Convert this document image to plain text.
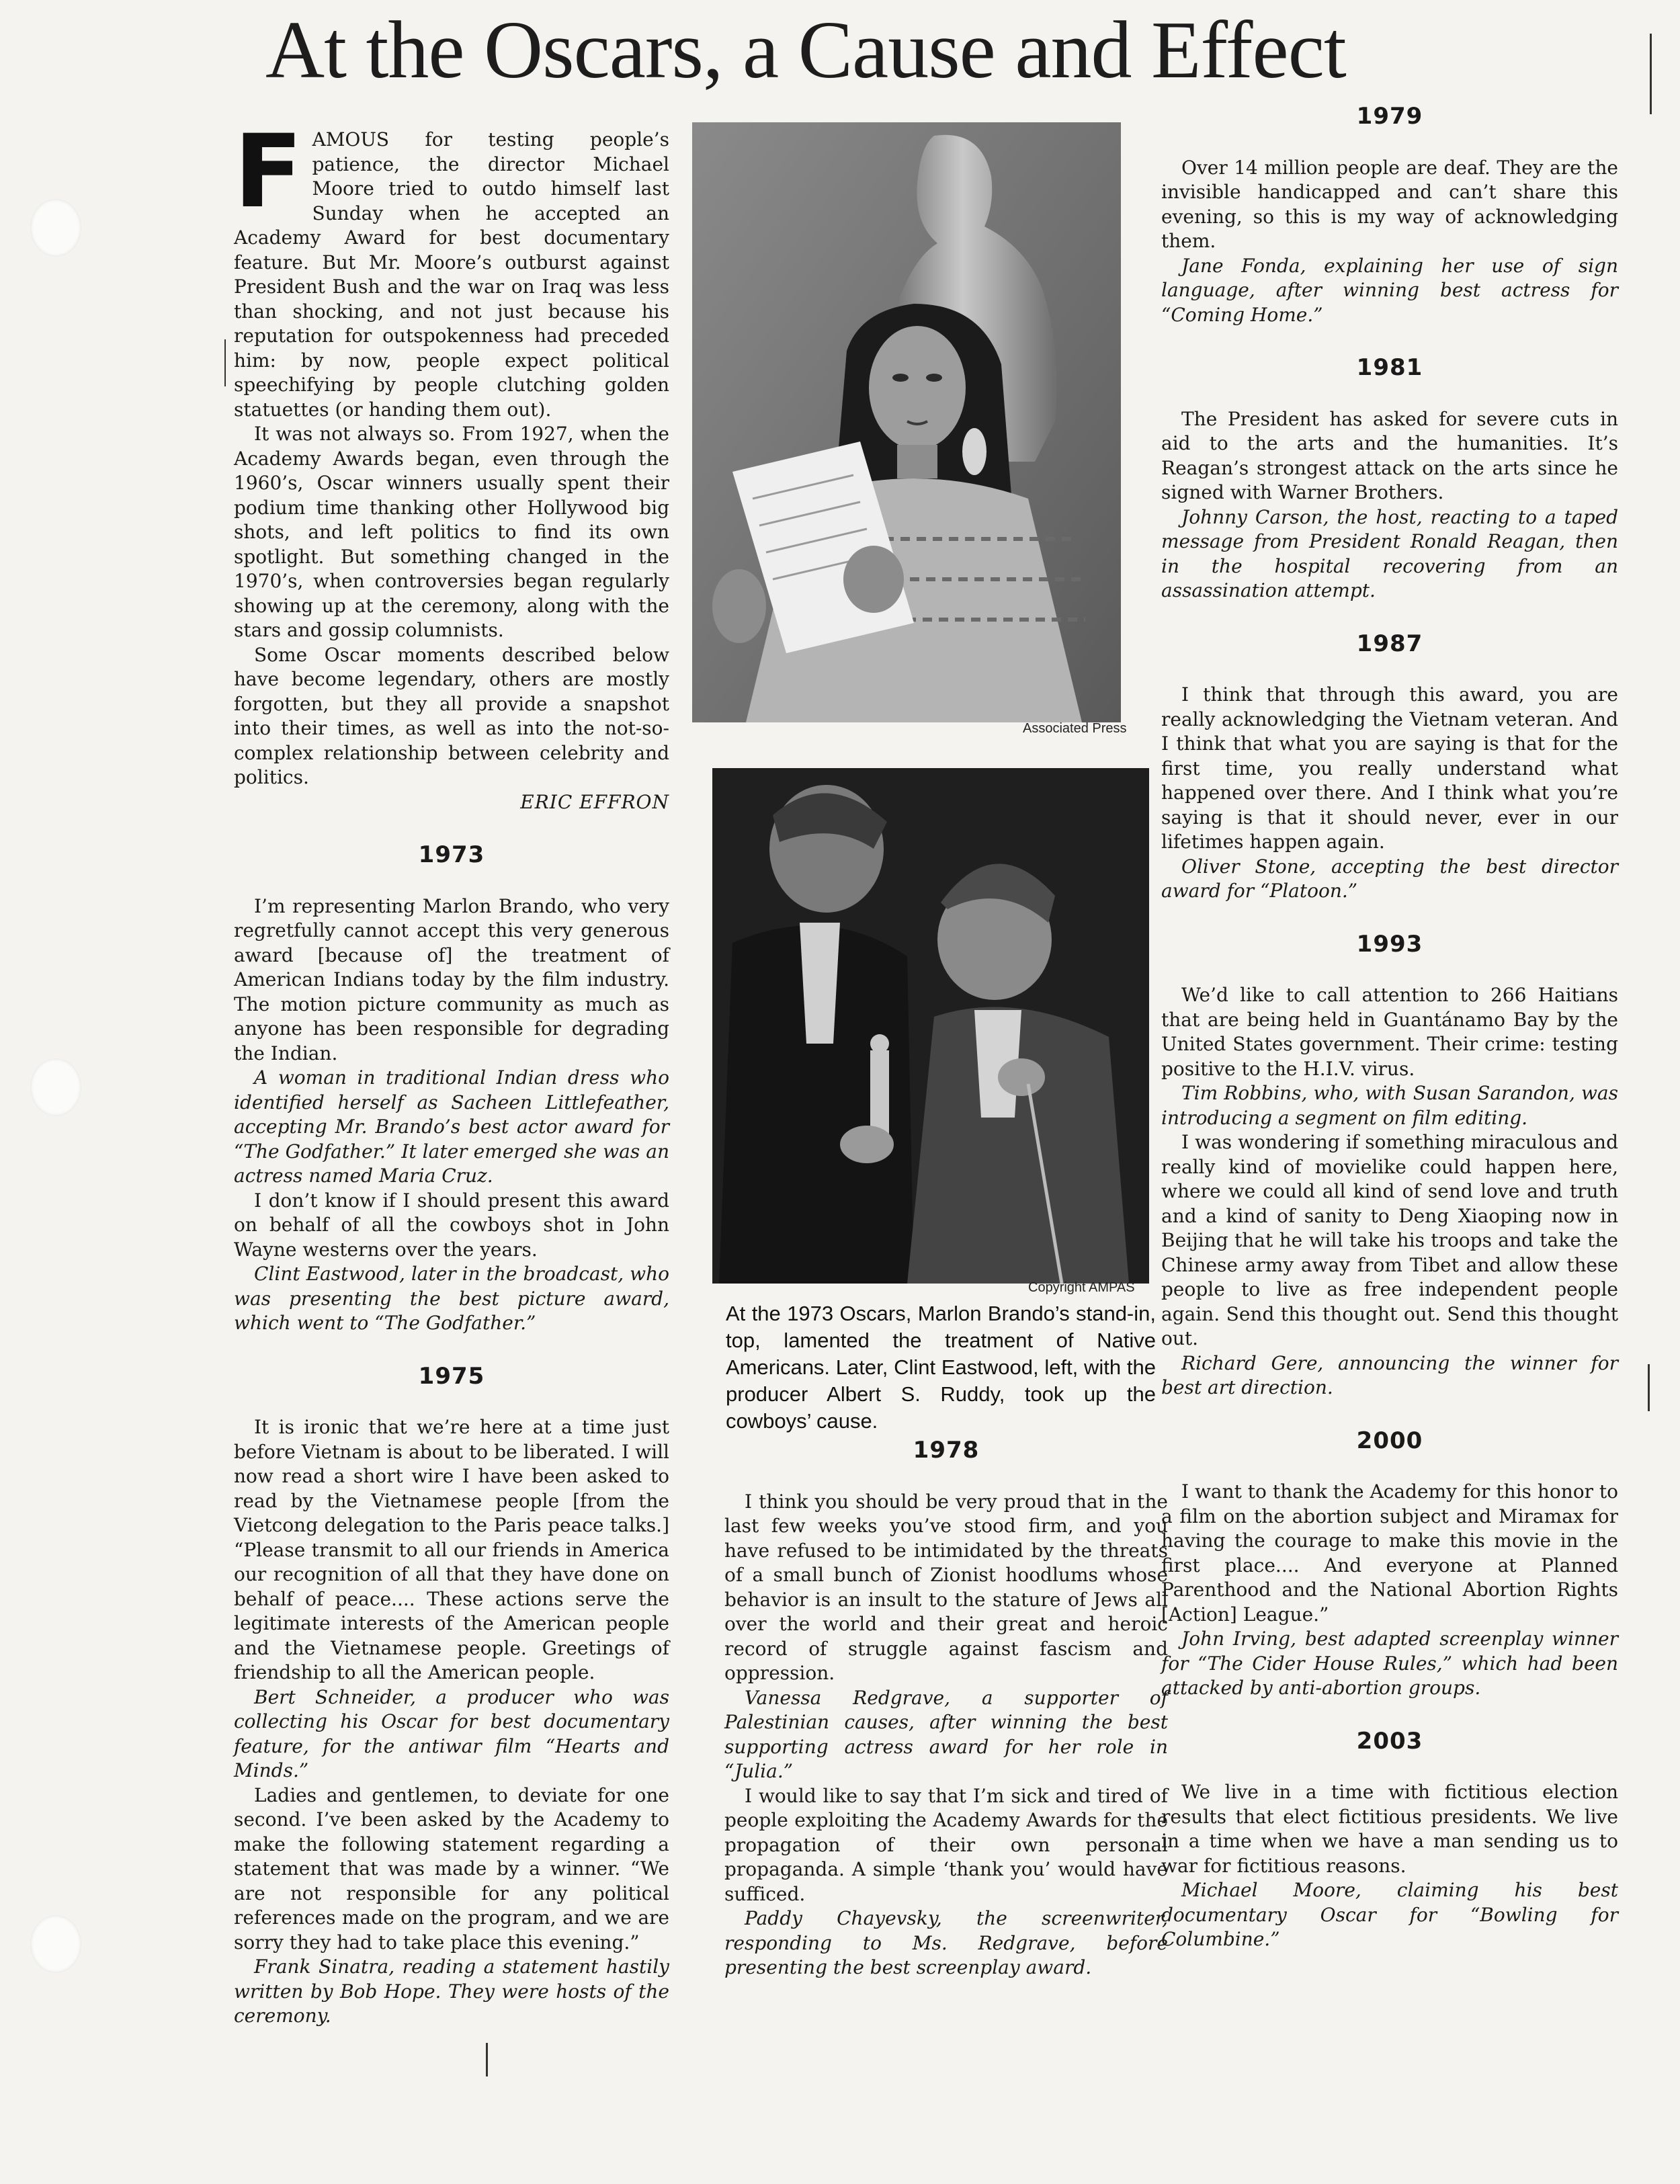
At the Oscars, a Cause and Effect
F AMOUS for testing people’s patience, the director Michael Moore tried to outdo himself last Sunday when he accepted an Academy Award for best documentary feature. But Mr. Moore’s outburst against President Bush and the war on Iraq was less than shocking, and not just because his reputation for outspokenness had preceded him: by now, people expect political speechifying by people clutching golden statuettes (or handing them out).

It was not always so. From 1927, when the Academy Awards began, even through the 1960’s, Oscar winners usually spent their podium time thanking other Hollywood big shots, and left politics to find its own spotlight. But something changed in the 1970’s, when controversies began regularly showing up at the ceremony, along with the stars and gossip columnists.

Some Oscar moments described below have become legendary, others are mostly forgotten, but they all provide a snapshot into their times, as well as into the not-so-complex relationship between celebrity and politics.

ERIC EFFRON

1973

I’m representing Marlon Brando, who very regretfully cannot accept this very generous award [because of] the treatment of American Indians today by the film industry. The motion picture community as much as anyone has been responsible for degrading the Indian.

A woman in traditional Indian dress who identified herself as Sacheen Littlefeather, accepting Mr. Brando’s best actor award for “The Godfather.” It later emerged she was an actress named Maria Cruz.

I don’t know if I should present this award on behalf of all the cowboys shot in John Wayne westerns over the years.

Clint Eastwood, later in the broadcast, who was presenting the best picture award, which went to “The Godfather.”

1975

It is ironic that we’re here at a time just before Vietnam is about to be liberated. I will now read a short wire I have been asked to read by the Vietnamese people [from the Vietcong delegation to the Paris peace talks.] “Please transmit to all our friends in America our recognition of all that they have done on behalf of peace.... These actions serve the legitimate interests of the American people and the Vietnamese people. Greetings of friendship to all the American people.

Bert Schneider, a producer who was collecting his Oscar for best documentary feature, for the antiwar film “Hearts and Minds.”

Ladies and gentlemen, to deviate for one second. I’ve been asked by the Academy to make the following statement regarding a statement that was made by a winner. “We are not responsible for any political references made on the program, and we are sorry they had to take place this evening.”

Frank Sinatra, reading a statement hastily written by Bob Hope. They were hosts of the ceremony.

Associated Press
Copyright AMPAS
At the 1973 Oscars, Marlon Brando’s stand-in, top, lamented the treatment of Native Americans. Later, Clint Eastwood, left, with the producer Albert S. Ruddy, took up the cowboys’ cause.
1978

I think you should be very proud that in the last few weeks you’ve stood firm, and you have refused to be intimidated by the threats of a small bunch of Zionist hoodlums whose behavior is an insult to the stature of Jews all over the world and their great and heroic record of struggle against fascism and oppression.

Vanessa Redgrave, a supporter of Palestinian causes, after winning the best supporting actress award for her role in “Julia.”

I would like to say that I’m sick and tired of people exploiting the Academy Awards for the propagation of their own personal propaganda. A simple ‘thank you’ would have sufficed.

Paddy Chayevsky, the screenwriter, responding to Ms. Redgrave, before presenting the best screenplay award.

1979

Over 14 million people are deaf. They are the invisible handicapped and can’t share this evening, so this is my way of acknowledging them.

Jane Fonda, explaining her use of sign language, after winning best actress for “Coming Home.”

1981

The President has asked for severe cuts in aid to the arts and the humanities. It’s Reagan’s strongest attack on the arts since he signed with Warner Brothers.

Johnny Carson, the host, reacting to a taped message from President Ronald Reagan, then in the hospital recovering from an assassination attempt.

1987

I think that through this award, you are really acknowledging the Vietnam veteran. And I think that what you are saying is that for the first time, you really understand what happened over there. And I think what you’re saying is that it should never, ever in our lifetimes happen again.

Oliver Stone, accepting the best director award for “Platoon.”

1993

We’d like to call attention to 266 Haitians that are being held in Guantánamo Bay by the United States government. Their crime: testing positive to the H.I.V. virus.

Tim Robbins, who, with Susan Sarandon, was introducing a segment on film editing.

I was wondering if something miraculous and really kind of movielike could happen here, where we could all kind of send love and truth and a kind of sanity to Deng Xiaoping now in Beijing that he will take his troops and take the Chinese army away from Tibet and allow these people to live as free independent people again. Send this thought out. Send this thought out.

Richard Gere, announcing the winner for best art direction.

2000

I want to thank the Academy for this honor to a film on the abortion subject and Miramax for having the courage to make this movie in the first place.... And everyone at Planned Parenthood and the National Abortion Rights [Action] League.”

John Irving, best adapted screenplay winner for “The Cider House Rules,” which had been attacked by anti-abortion groups.

2003

We live in a time with fictitious election results that elect fictitious presidents. We live in a time when we have a man sending us to war for fictitious reasons.

Michael Moore, claiming his best documentary Oscar for “Bowling for Columbine.”
